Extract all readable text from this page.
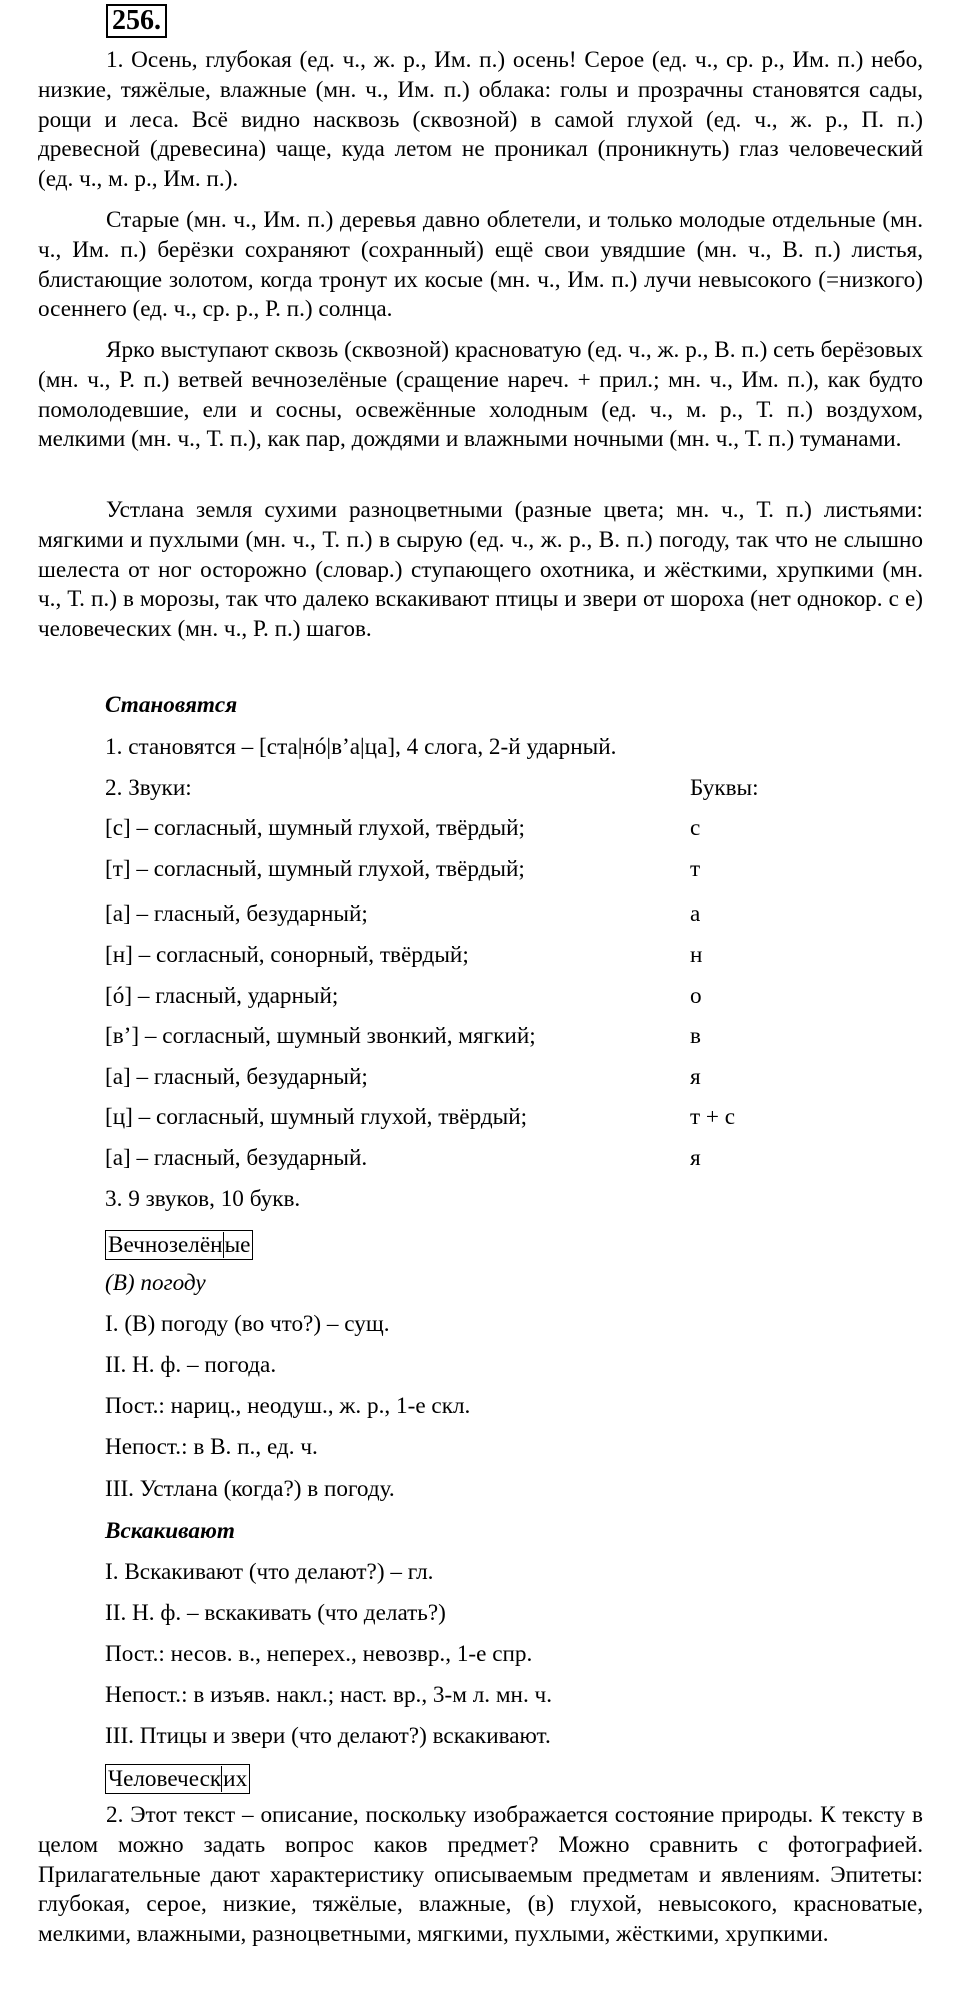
256.
1. Осень, глубокая (ед. ч., ж. р., Им. п.) осень! Серое (ед. ч., ср. р., Им. п.) небо, низкие, тяжёлые, влажные (мн. ч., Им. п.) облака: голы и прозрачны становятся сады, рощи и леса. Всё видно насквозь (сквозной) в самой глухой (ед. ч., ж. р., П. п.) древесной (древесина) чаще, куда летом не проникал (проникнуть) глаз человеческий (ед. ч., м. р., Им. п.).
Старые (мн. ч., Им. п.) деревья давно облетели, и только молодые отдельные (мн. ч., Им. п.) берёзки сохраняют (сохранный) ещё свои увядшие (мн. ч., В. п.) листья, блистающие золотом, когда тронут их косые (мн. ч., Им. п.) лучи невысокого (=низкого) осеннего (ед. ч., ср. р., Р. п.) солнца.
Ярко выступают сквозь (сквозной) красноватую (ед. ч., ж. р., В. п.) сеть берёзовых (мн. ч., Р. п.) ветвей вечнозелёные (сращение нареч. + прил.; мн. ч., Им. п.), как будто помолодевшие, ели и сосны, освежённые холодным (ед. ч., м. р., Т. п.) воздухом, мелкими (мн. ч., Т. п.), как пар, дождями и влажными ночными (мн. ч., Т. п.) туманами.
Устлана земля сухими разноцветными (разные цвета; мн. ч., Т. п.) листьями: мягкими и пухлыми (мн. ч., Т. п.) в сырую (ед. ч., ж. р., В. п.) погоду, так что не слышно шелеста от ног осторожно (словар.) ступающего охотника, и жёсткими, хрупкими (мн. ч., Т. п.) в морозы, так что далеко вскакивают птицы и звери от шороха (нет однокор. с е) человеческих (мн. ч., Р. п.) шагов.
Становятся
1. становятся – [ста|нó|в’а|ца], 4 слога, 2-й ударный.
2. Звуки:	Буквы:
[с] – согласный, шумный глухой, твёрдый;	с
[т] – согласный, шумный глухой, твёрдый;	т
[а] – гласный, безударный;	а
[н] – согласный, сонорный, твёрдый;	н
[ó] – гласный, ударный;	о
[в’] – согласный, шумный звонкий, мягкий;	в
[а] – гласный, безударный;	я
[ц] – согласный, шумный глухой, твёрдый;	т + с
[а] – гласный, безударный.	я
3. 9 звуков, 10 букв.
Вечнозелёные
(В) погоду
I. (В) погоду (во что?) – сущ.
II. Н. ф. – погода.
Пост.: нариц., неодуш., ж. р., 1-е скл.
Непост.: в В. п., ед. ч.
III. Устлана (когда?) в погоду.
Вскакивают
I. Вскакивают (что делают?) – гл.
II. Н. ф. – вскакивать (что делать?)
Пост.: несов. в., неперех., невозвр., 1-е спр.
Непост.: в изъяв. накл.; наст. вр., 3-м л. мн. ч.
III. Птицы и звери (что делают?) вскакивают.
Человеческих
2. Этот текст – описание, поскольку изображается состояние природы. К тексту в целом можно задать вопрос каков предмет? Можно сравнить с фотографией. Прилагательные дают характеристику описываемым предметам и явлениям. Эпитеты: глубокая, серое, низкие, тяжёлые, влажные, (в) глухой, невысокого, красноватые, мелкими, влажными, разноцветными, мягкими, пухлыми, жёсткими, хрупкими.
